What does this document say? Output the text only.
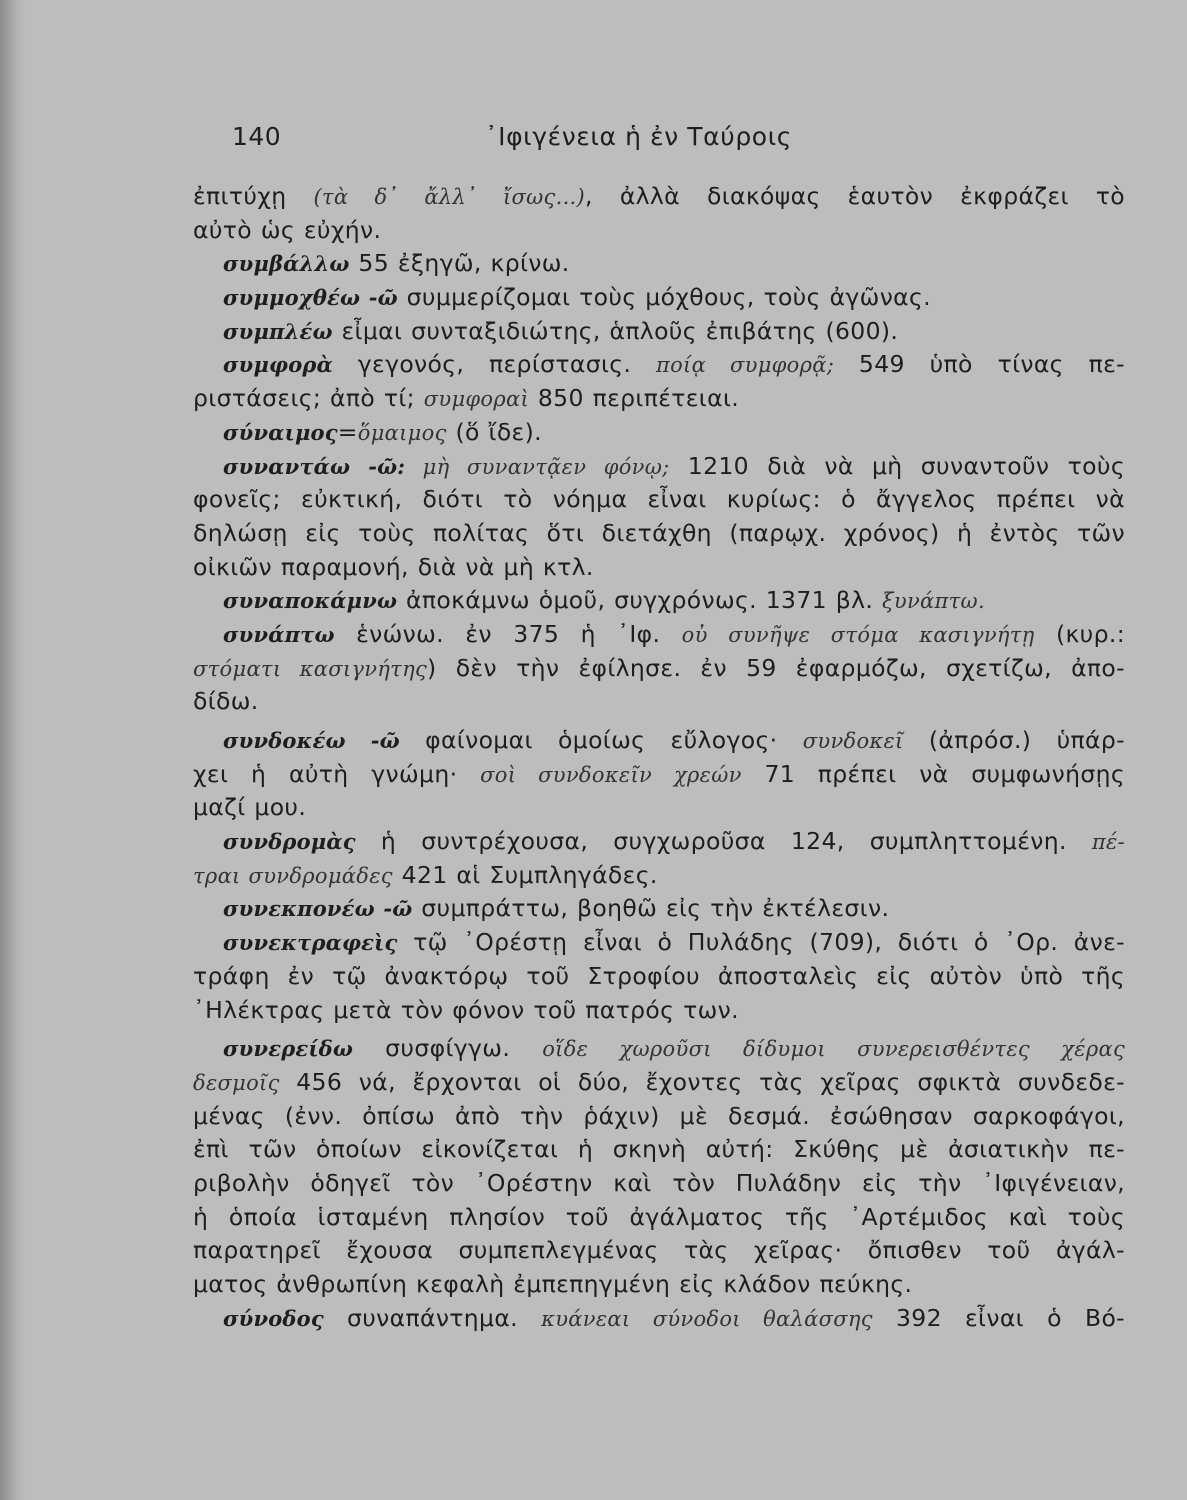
140	᾿Ιφιγένεια ἡ ἐν Ταύροις
ἐπιτύχῃ (τὰ δ᾿ ἄλλ᾿ ἴσως...), ἀλλὰ διακόψας ἑαυτὸν ἐκφράζει τὸ
αὐτὸ ὡς εὐχήν.
συμβάλλω 55 ἐξηγῶ, κρίνω.
συμμοχθέω -ῶ συμμερίζομαι τοὺς μόχθους, τοὺς ἀγῶνας.
συμπλέω εἶμαι συνταξιδιώτης, ἁπλοῦς ἐπιβάτης (600).
συμφορὰ γεγονός, περίστασις. ποίᾳ συμφορᾷ; 549 ὑπὸ τίνας πε-
ριστάσεις; ἀπὸ τί; συμφοραὶ 850 περιπέτειαι.
σύναιμος=ὅμαιμος (ὅ ἴδε).
συναντάω -ῶ: μὴ συναντᾷεν φόνῳ; 1210 διὰ νὰ μὴ συναντοῦν τοὺς
φονεῖς; εὐκτική, διότι τὸ νόημα εἶναι κυρίως: ὁ ἄγγελος πρέπει νὰ
δηλώσῃ εἰς τοὺς πολίτας ὅτι διετάχθη (παρῳχ. χρόνος) ἡ ἐντὸς τῶν
οἰκιῶν παραμονή, διὰ νὰ μὴ κτλ.
συναποκάμνω ἀποκάμνω ὁμοῦ, συγχρόνως. 1371 βλ. ξυνάπτω.
συνάπτω ἑνώνω. ἐν 375 ἡ ᾿Ιφ. οὐ συνῆψε στόμα κασιγνήτῃ (κυρ.:
στόματι κασιγνήτης) δὲν τὴν ἐφίλησε. ἐν 59 ἐφαρμόζω, σχετίζω, ἀπο-
δίδω.
συνδοκέω -ῶ φαίνομαι ὁμοίως εὔλογος· συνδοκεῖ (ἀπρόσ.) ὑπάρ-
χει ἡ αὐτὴ γνώμη· σοὶ συνδοκεῖν χρεών 71 πρέπει νὰ συμφωνήσῃς
μαζί μου.
συνδρομὰς ἡ συντρέχουσα, συγχωροῦσα 124, συμπληττομένη. πέ-
τραι συνδρομάδες 421 αἱ Συμπληγάδες.
συνεκπονέω -ῶ συμπράττω, βοηθῶ εἰς τὴν ἐκτέλεσιν.
συνεκτραφεὶς τῷ ᾿Ορέστῃ εἶναι ὁ Πυλάδης (709), διότι ὁ ᾿Ορ. ἀνε-
τράφη ἐν τῷ ἀνακτόρῳ τοῦ Στροφίου ἀποσταλεὶς εἰς αὐτὸν ὑπὸ τῆς
᾿Ηλέκτρας μετὰ τὸν φόνον τοῦ πατρός των.
συνερείδω συσφίγγω. οἵδε χωροῦσι δίδυμοι συνερεισθέντες χέρας
δεσμοῖς 456 νά, ἔρχονται οἱ δύο, ἔχοντες τὰς χεῖρας σφικτὰ συνδεδε-
μένας (ἐνν. ὀπίσω ἀπὸ τὴν ῥάχιν) μὲ δεσμά. ἐσώθησαν σαρκοφάγοι,
ἐπὶ τῶν ὁποίων εἰκονίζεται ἡ σκηνὴ αὐτή: Σκύθης μὲ ἀσιατικὴν πε-
ριβολὴν ὁδηγεῖ τὸν ᾿Ορέστην καὶ τὸν Πυλάδην εἰς τὴν ᾿Ιφιγένειαν,
ἡ ὁποία ἱσταμένη πλησίον τοῦ ἀγάλματος τῆς ᾿Αρτέμιδος καὶ τοὺς
παρατηρεῖ ἔχουσα συμπεπλεγμένας τὰς χεῖρας· ὄπισθεν τοῦ ἀγάλ-
ματος ἀνθρωπίνη κεφαλὴ ἐμπεπηγμένη εἰς κλάδον πεύκης.
σύνοδος συναπάντημα. κυάνεαι σύνοδοι θαλάσσης 392 εἶναι ὁ Βό-
